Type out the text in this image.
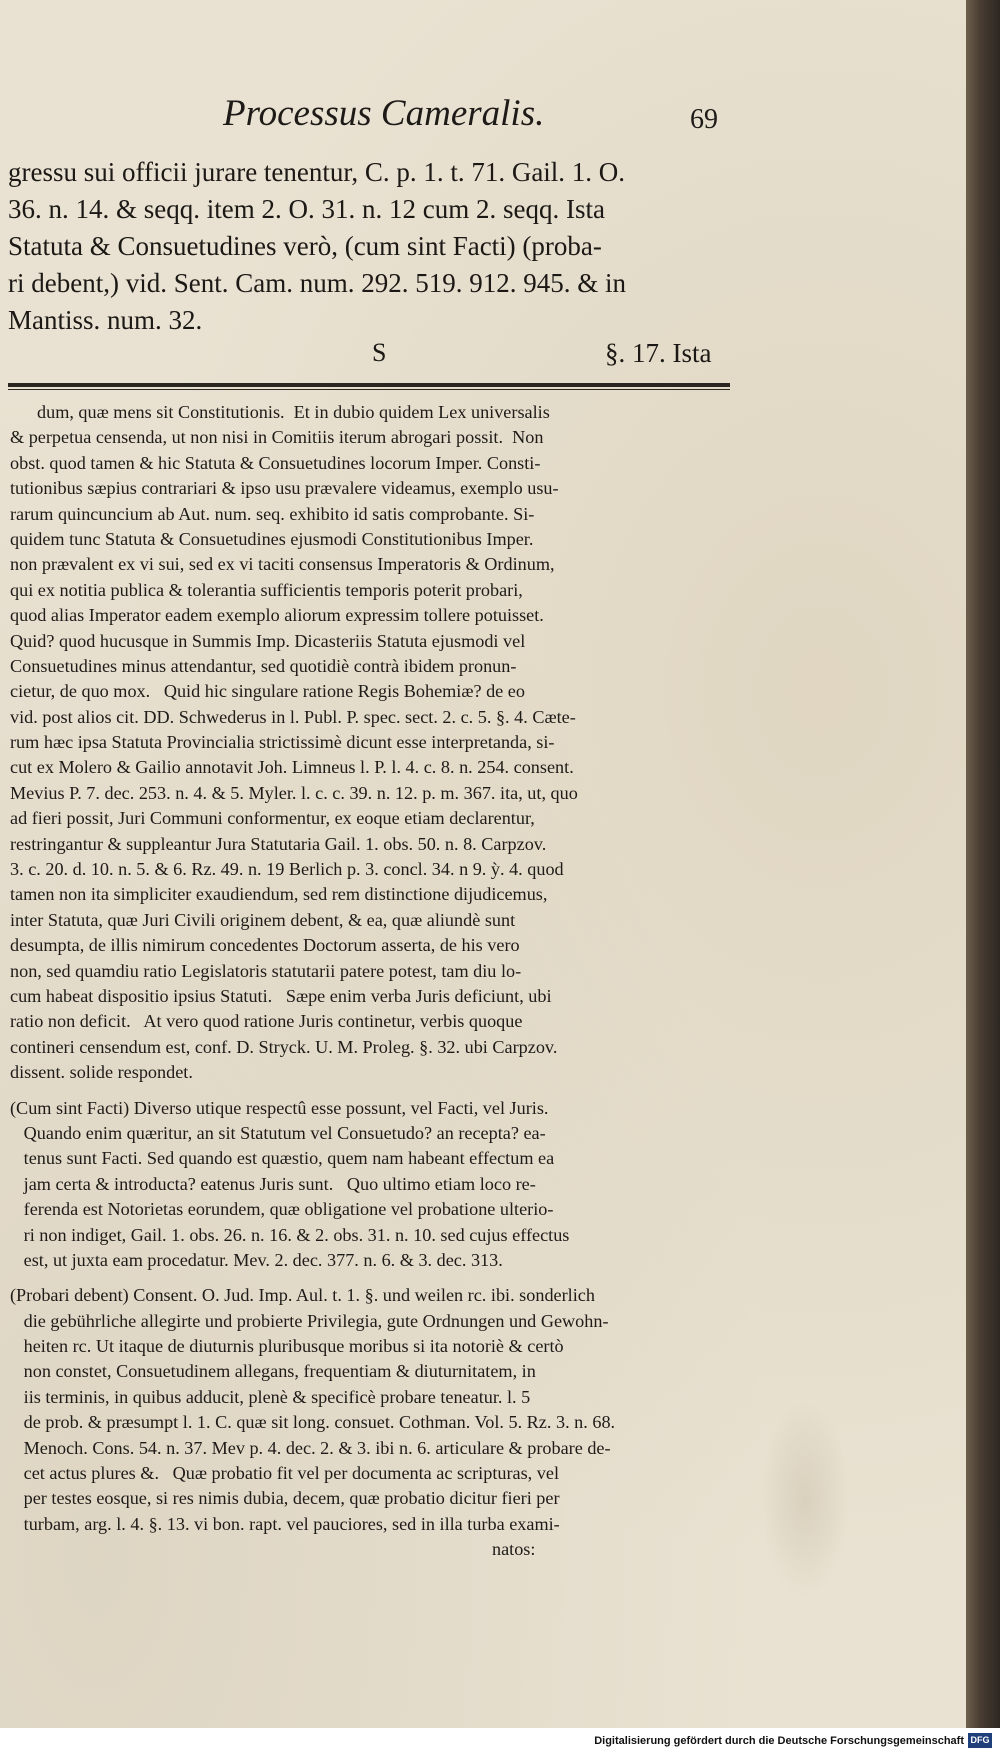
Processus Cameralis.	69
gressu sui officii jurare tenentur, C. p. 1. t. 71. Gail. 1. O.
36. n. 14. & seqq. item 2. O. 31. n. 12 cum 2. seqq. Ista
Statuta & Consuetudines verò, (cum sint Facti) (proba-
ri debent,) vid. Sent. Cam. num. 292. 519. 912. 945. & in
Mantiss. num. 32.
S	§. 17. Ista
dum, quæ mens sit Constitutionis.  Et in dubio quidem Lex universalis
& perpetua censenda, ut non nisi in Comitiis iterum abrogari possit.  Non
obst. quod tamen & hic Statuta & Consuetudines locorum Imper. Consti-
tutionibus sæpius contrariari & ipso usu prævalere videamus, exemplo usu-
rarum quincuncium ab Aut. num. seq. exhibito id satis comprobante. Si-
quidem tunc Statuta & Consuetudines ejusmodi Constitutionibus Imper.
non prævalent ex vi sui, sed ex vi taciti consensus Imperatoris & Ordinum,
qui ex notitia publica & tolerantia sufficientis temporis poterit probari,
quod alias Imperator eadem exemplo aliorum expressim tollere potuisset.
Quid? quod hucusque in Summis Imp. Dicasteriis Statuta ejusmodi vel
Consuetudines minus attendantur, sed quotidiè contrà ibidem pronun-
cietur, de quo mox.   Quid hic singulare ratione Regis Bohemiæ? de eo
vid. post alios cit. DD. Schwederus in l. Publ. P. spec. sect. 2. c. 5. §. 4. Cæte-
rum hæc ipsa Statuta Provincialia strictissimè dicunt esse interpretanda, si-
cut ex Molero & Gailio annotavit Joh. Limneus l. P. l. 4. c. 8. n. 254. consent.
Mevius P. 7. dec. 253. n. 4. & 5. Myler. l. c. c. 39. n. 12. p. m. 367. ita, ut, quo
ad fieri possit, Juri Communi conformentur, ex eoque etiam declarentur,
restringantur & suppleantur Jura Statutaria Gail. 1. obs. 50. n. 8. Carpzov.
3. c. 20. d. 10. n. 5. & 6. Rz. 49. n. 19 Berlich p. 3. concl. 34. n 9. ỳ. 4. quod
tamen non ita simpliciter exaudiendum, sed rem distinctione dijudicemus,
inter Statuta, quæ Juri Civili originem debent, & ea, quæ aliundè sunt
desumpta, de illis nimirum concedentes Doctorum asserta, de his vero
non, sed quamdiu ratio Legislatoris statutarii patere potest, tam diu lo-
cum habeat dispositio ipsius Statuti.   Sæpe enim verba Juris deficiunt, ubi
ratio non deficit.   At vero quod ratione Juris continetur, verbis quoque
contineri censendum est, conf. D. Stryck. U. M. Proleg. §. 32. ubi Carpzov.
dissent. solide respondet.
(Cum sint Facti) Diverso utique respectû esse possunt, vel Facti, vel Juris.
Quando enim quæritur, an sit Statutum vel Consuetudo? an recepta? ea-
tenus sunt Facti. Sed quando est quæstio, quem nam habeant effectum ea
jam certa & introducta? eatenus Juris sunt.   Quo ultimo etiam loco re-
ferenda est Notorietas eorundem, quæ obligatione vel probatione ulterio-
ri non indiget, Gail. 1. obs. 26. n. 16. & 2. obs. 31. n. 10. sed cujus effectus
est, ut juxta eam procedatur. Mev. 2. dec. 377. n. 6. & 3. dec. 313.
(Probari debent) Consent. O. Jud. Imp. Aul. t. 1. §. und weilen rc. ibi. sonderlich
die gebührliche allegirte und probierte Privilegia, gute Ordnungen und Gewohn-
heiten rc. Ut itaque de diuturnis pluribusque moribus si ita notoriè & certò
non constet, Consuetudinem allegans, frequentiam & diuturnitatem, in
iis terminis, in quibus adducit, plenè & specificè probare teneatur. l. 5
de prob. & præsumpt l. 1. C. quæ sit long. consuet. Cothman. Vol. 5. Rz. 3. n. 68.
Menoch. Cons. 54. n. 37. Mev p. 4. dec. 2. & 3. ibi n. 6. articulare & probare de-
cet actus plures &.   Quæ probatio fit vel per documenta ac scripturas, vel
per testes eosque, si res nimis dubia, decem, quæ probatio dicitur fieri per
turbam, arg. l. 4. §. 13. vi bon. rapt. vel pauciores, sed in illa turba exami-
natos:
Digitalisierung gefördert durch die Deutsche Forschungsgemeinschaft DFG
